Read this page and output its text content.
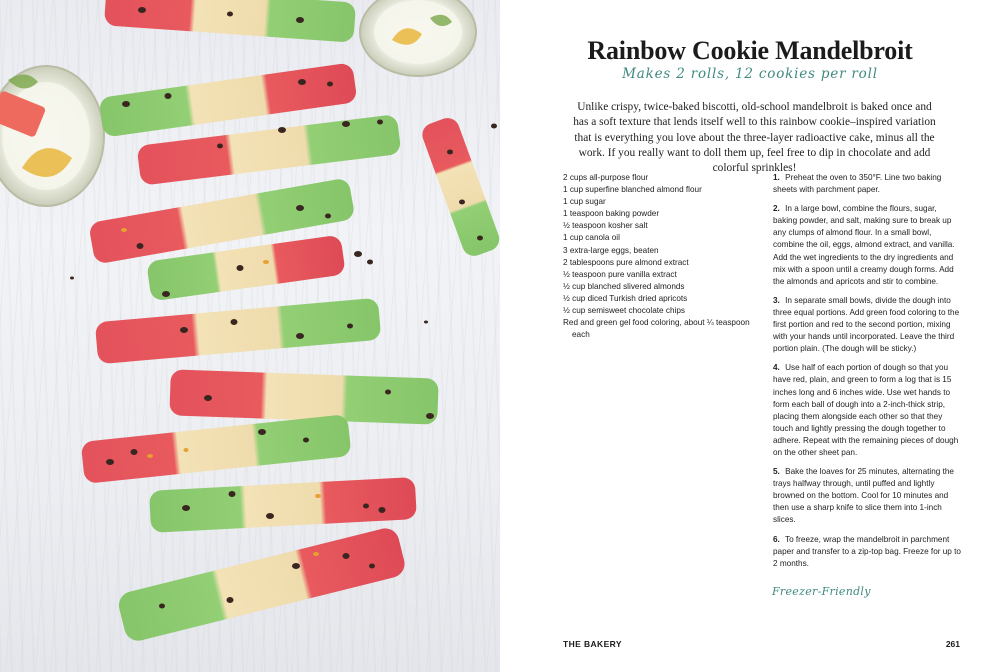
Rainbow Cookie Mandelbroit
Makes 2 rolls, 12 cookies per roll

Unlike crispy, twice-baked biscotti, old-school mandelbroit is baked once and has a soft texture that lends itself well to this rainbow cookie–inspired variation that is everything you love about the three-layer radioactive cake, minus all the work. If you really want to doll them up, feel free to dip in chocolate and add colorful sprinkles!

2 cups all-purpose flour
1 cup superfine blanched almond flour
1 cup sugar
1 teaspoon baking powder
½ teaspoon kosher salt
1 cup canola oil
3 extra-large eggs, beaten
2 tablespoons pure almond extract
½ teaspoon pure vanilla extract
½ cup blanched slivered almonds
½ cup diced Turkish dried apricots
½ cup semisweet chocolate chips
Red and green gel food coloring, about ¼ teaspoon each
1. Preheat the oven to 350°F. Line two baking sheets with parchment paper.
2. In a large bowl, combine the flours, sugar, baking powder, and salt, making sure to break up any clumps of almond flour. In a small bowl, combine the oil, eggs, almond extract, and vanilla. Add the wet ingredients to the dry ingredients and mix with a spoon until a creamy dough forms. Add the almonds and apricots and stir to combine.
3. In separate small bowls, divide the dough into three equal portions. Add green food coloring to the first portion and red to the second portion, mixing with your hands until incorporated. Leave the third portion plain. (The dough will be sticky.)
4. Use half of each portion of dough so that you have red, plain, and green to form a log that is 15 inches long and 6 inches wide. Use wet hands to form each ball of dough into a 2-inch-thick strip, placing them alongside each other so that they touch and lightly pressing the dough together to adhere. Repeat with the remaining pieces of dough on the other sheet pan.
5. Bake the loaves for 25 minutes, alternating the trays halfway through, until puffed and lightly browned on the bottom. Cool for 10 minutes and then use a sharp knife to slice them into 1-inch slices.
6. To freeze, wrap the mandelbroit in parchment paper and transfer to a zip-top bag. Freeze for up to 2 months.
Freezer-Friendly
THE BAKERY	261
